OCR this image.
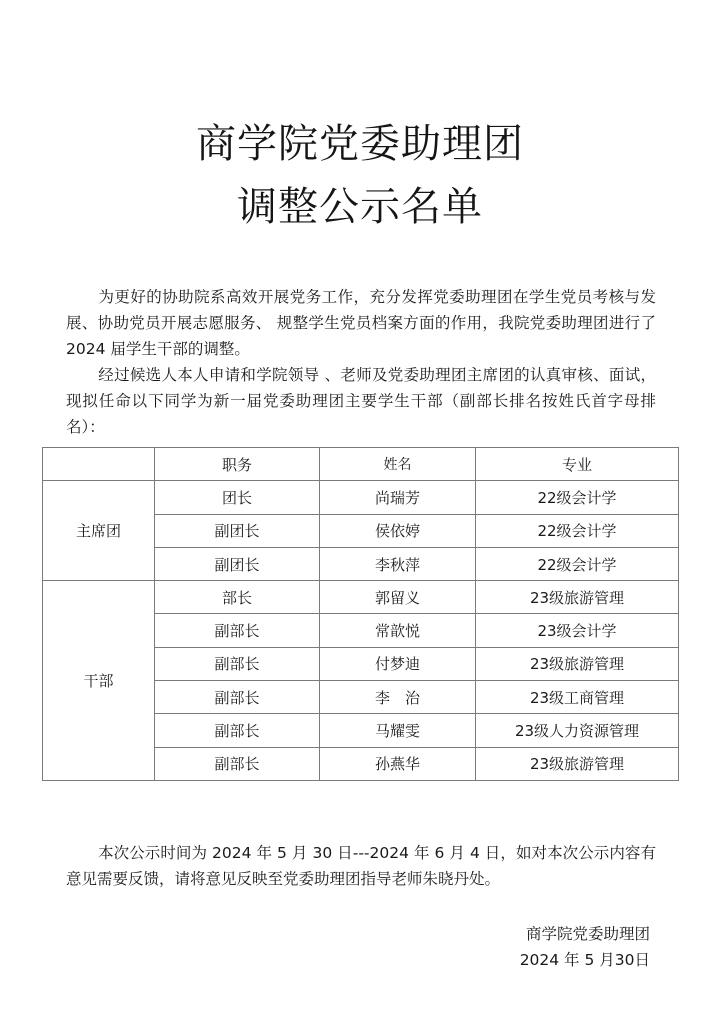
商学院党委助理团
调整公示名单
为更好的协助院系高效开展党务工作，充分发挥党委助理团在学生党员考核与发展、协助党员开展志愿服务、 规整学生党员档案方面的作用，我院党委助理团进行了 2024 届学生干部的调整。
经过候选人本人申请和学院领导 、老师及党委助理团主席团的认真审核、面试，现拟任命以下同学为新一届党委助理团主要学生干部（副部长排名按姓氏首字母排名）：
	职务	姓名	专业
主席团	团长	尚瑞芳	22级会计学
	副团长	侯依婷	22级会计学
	副团长	李秋萍	22级会计学
干部	部长	郭留义	23级旅游管理
	副部长	常歆悦	23级会计学
	副部长	付梦迪	23级旅游管理
	副部长	李　治	23级工商管理
	副部长	马耀雯	23级人力资源管理
	副部长	孙燕华	23级旅游管理
本次公示时间为 2024 年 5 月 30 日---2024 年 6 月 4 日，如对本次公示内容有意见需要反馈，请将意见反映至党委助理团指导老师朱晓丹处。
商学院党委助理团
2024 年 5 月30日
